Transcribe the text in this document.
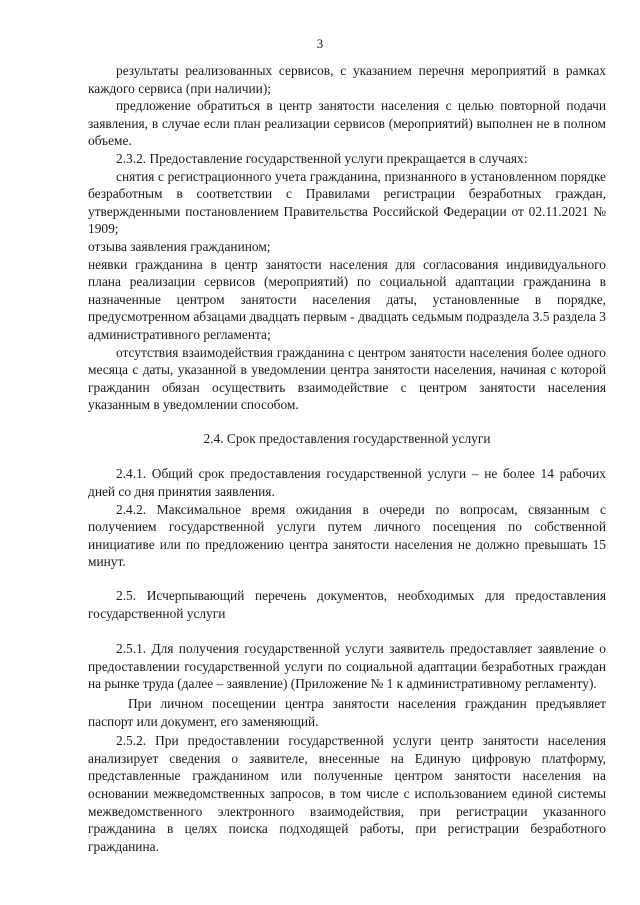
3

результаты реализованных сервисов, с указанием перечня мероприятий в рамках каждого сервиса (при наличии);

предложение обратиться в центр занятости населения с целью повторной подачи заявления, в случае если план реализации сервисов (мероприятий) выполнен не в полном объеме.

2.3.2. Предоставление государственной услуги прекращается в случаях:

снятия с регистрационного учета гражданина, признанного в установленном порядке безработным в соответствии с Правилами регистрации безработных граждан, утвержденными постановлением Правительства Российской Федерации от 02.11.2021 № 1909;

отзыва заявления гражданином;

неявки гражданина в центр занятости населения для согласования индивидуального плана реализации сервисов (мероприятий) по социальной адаптации гражданина в назначенные центром занятости населения даты, установленные в порядке, предусмотренном абзацами двадцать первым - двадцать седьмым подраздела 3.5 раздела 3 административного регламента;

отсутствия взаимодействия гражданина с центром занятости населения более одного месяца с даты, указанной в уведомлении центра занятости населения, начиная с которой гражданин обязан осуществить взаимодействие с центром занятости населения указанным в уведомлении способом.

2.4. Срок предоставления государственной услуги

2.4.1. Общий срок предоставления государственной услуги – не более 14 рабочих дней со дня принятия заявления.

2.4.2. Максимальное время ожидания в очереди по вопросам, связанным с получением государственной услуги путем личного посещения по собственной инициативе или по предложению центра занятости населения не должно превышать 15 минут.

2.5. Исчерпывающий перечень документов, необходимых для предоставления государственной услуги

2.5.1. Для получения государственной услуги заявитель предоставляет заявление о предоставлении государственной услуги по социальной адаптации безработных граждан на рынке труда (далее – заявление) (Приложение № 1 к административному регламенту).

При личном посещении центра занятости населения гражданин предъявляет паспорт или документ, его заменяющий.

2.5.2. При предоставлении государственной услуги центр занятости населения анализирует сведения о заявителе, внесенные на Единую цифровую платформу, представленные гражданином или полученные центром занятости населения на основании межведомственных запросов, в том числе с использованием единой системы межведомственного электронного взаимодействия, при регистрации указанного гражданина в целях поиска подходящей работы, при регистрации безработного гражданина.
